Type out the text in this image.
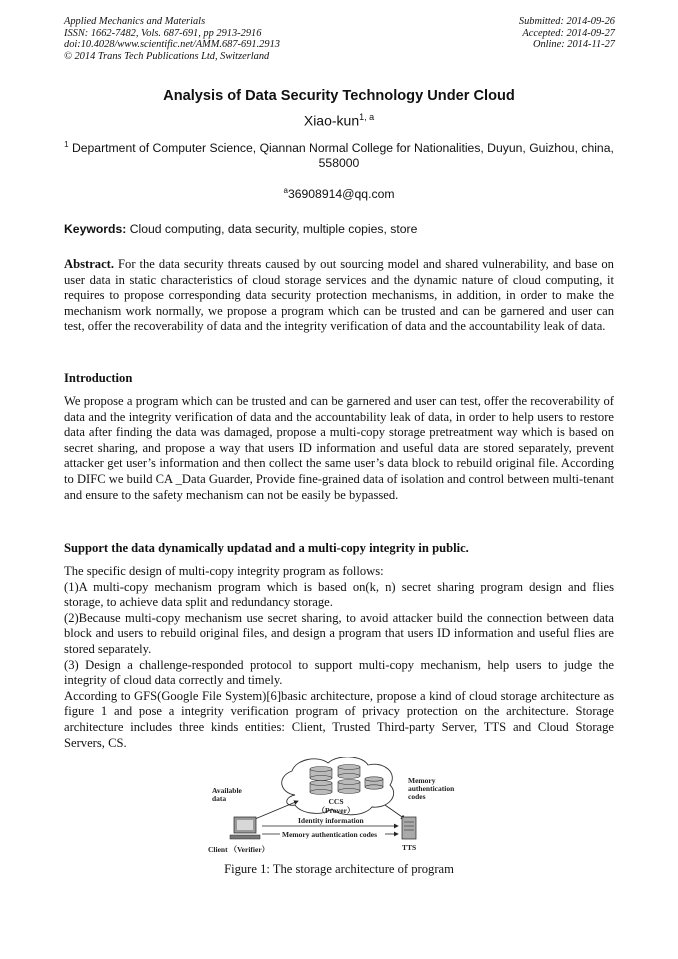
Applied Mechanics and Materials
ISSN: 1662-7482, Vols. 687-691, pp 2913-2916
doi:10.4028/www.scientific.net/AMM.687-691.2913
© 2014 Trans Tech Publications Ltd, Switzerland
Submitted: 2014-09-26
Accepted: 2014-09-27
Online: 2014-11-27
Analysis of Data Security Technology Under Cloud
Xiao-kun$^{1, a}$
$^1$ Department of Computer Science, Qiannan Normal College for Nationalities, Duyun, Guizhou, china, 558000
$^a$36908914@qq.com
Keywords: Cloud computing, data security, multiple copies, store
Abstract. For the data security threats caused by out sourcing model and shared vulnerability, and base on user data in static characteristics of cloud storage services and the dynamic nature of cloud computing, it requires to propose corresponding data security protection mechanisms, in addition, in order to make the mechanism work normally, we propose a program which can be trusted and can be garnered and user can test, offer the recoverability of data and the integrity verification of data and the accountability leak of data.
Introduction
We propose a program which can be trusted and can be garnered and user can test, offer the recoverability of data and the integrity verification of data and the accountability leak of data, in order to help users to restore data after finding the data was damaged, propose a multi-copy storage pretreatment way which is based on secret sharing, and propose a way that users ID information and useful data are stored separately, prevent attacker get user’s information and then collect the same user’s data block to rebuild original file. According to DIFC we build CA _Data Guarder, Provide fine-grained data of isolation and control between multi-tenant and ensure to the safety mechanism can not be easily be bypassed.
Support the data dynamically updatad and a multi-copy integrity in public.

The specific design of multi-copy integrity program as follows:

(1)A multi-copy mechanism program which is based on(k, n) secret sharing program design and flies storage, to achieve data split and redundancy storage.

(2)Because multi-copy mechanism use secret sharing, to avoid attacker build the connection between data block and users to rebuild original files, and design a program that users ID information and useful flies are stored separately.

(3) Design a challenge-responded protocol to support multi-copy mechanism, help users to judge the integrity of cloud data correctly and timely.

According to GFS(Google File System)[6]basic architecture, propose a kind of cloud storage architecture as figure 1 and pose a integrity verification program of privacy protection on the architecture. Storage architecture includes three kinds entities: Client, Trusted Third-party Server, TTS and Cloud Storage Servers, CS.

CCS
（Prover）
Available
data
Memory
authentication
codes
Identity information
Memory authentication codes
Client （Verifier）	TTS
Figure 1: The storage architecture of program
